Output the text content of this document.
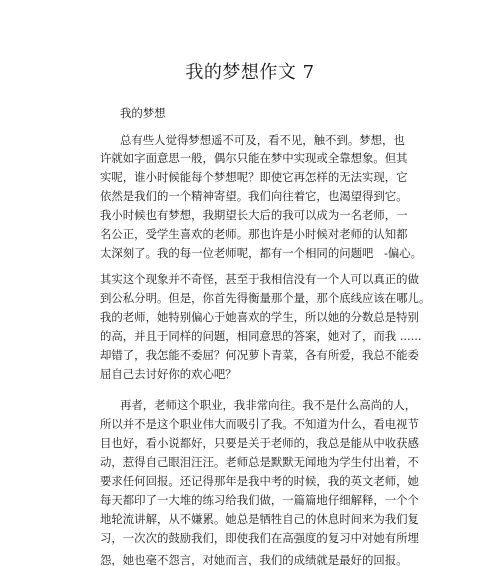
我的梦想作文 7
我的梦想
总有些人觉得梦想遥不可及，看不见，触不到。梦想，也
许就如字面意思一般，偶尔只能在梦中实现或全靠想象。但其
实呢，谁小时候能每个梦想呢？即使它再怎样的无法实现，它
依然是我们的一个精神寄望。我们向往着它，也渴望得到它。
我小时候也有梦想，我期望长大后的我可以成为一名老师，一
名公正，受学生喜欢的老师。那也许是小时候对老师的认知都
太深刻了。我的每一位老师呢，都有一个相同的问题吧 -偏心。
其实这个现象并不奇怪，甚至于我相信没有一个人可以真正的做
到公私分明。但是，你首先得衡量那个量，那个底线应该在哪儿。
我的老师，她特别偏心于她喜欢的学生，所以她的分数总是特别
的高，并且于同样的问题，相同意思的答案，她对了，而我 ......
却错了，我怎能不委屈？何况萝卜青菜，各有所爱，我总不能委
屈自己去讨好你的欢心吧？
再者，老师这个职业，我非常向往。我不是什么高尚的人，
所以并不是这个职业伟大而吸引了我。不知道为什么，看电视节
目也好，看小说都好，只要是关于老师的，我总是能从中收获感
动，惹得自己眼泪汪汪。老师总是默默无闻地为学生付出着，不
要求任何回报。还记得那年是我中考的时候，我的英文老师，她
每天都印了一大堆的练习给我们做，一篇篇地仔细解释，一个个
地轮流讲解，从不嫌累。她总是牺牲自己的休息时间来为我们复
习，一次次的鼓励我们，即使我们在高强度的复习中对她有所埋
怨，她也毫不怨言，对她而言，我们的成绩就是最好的回报。
